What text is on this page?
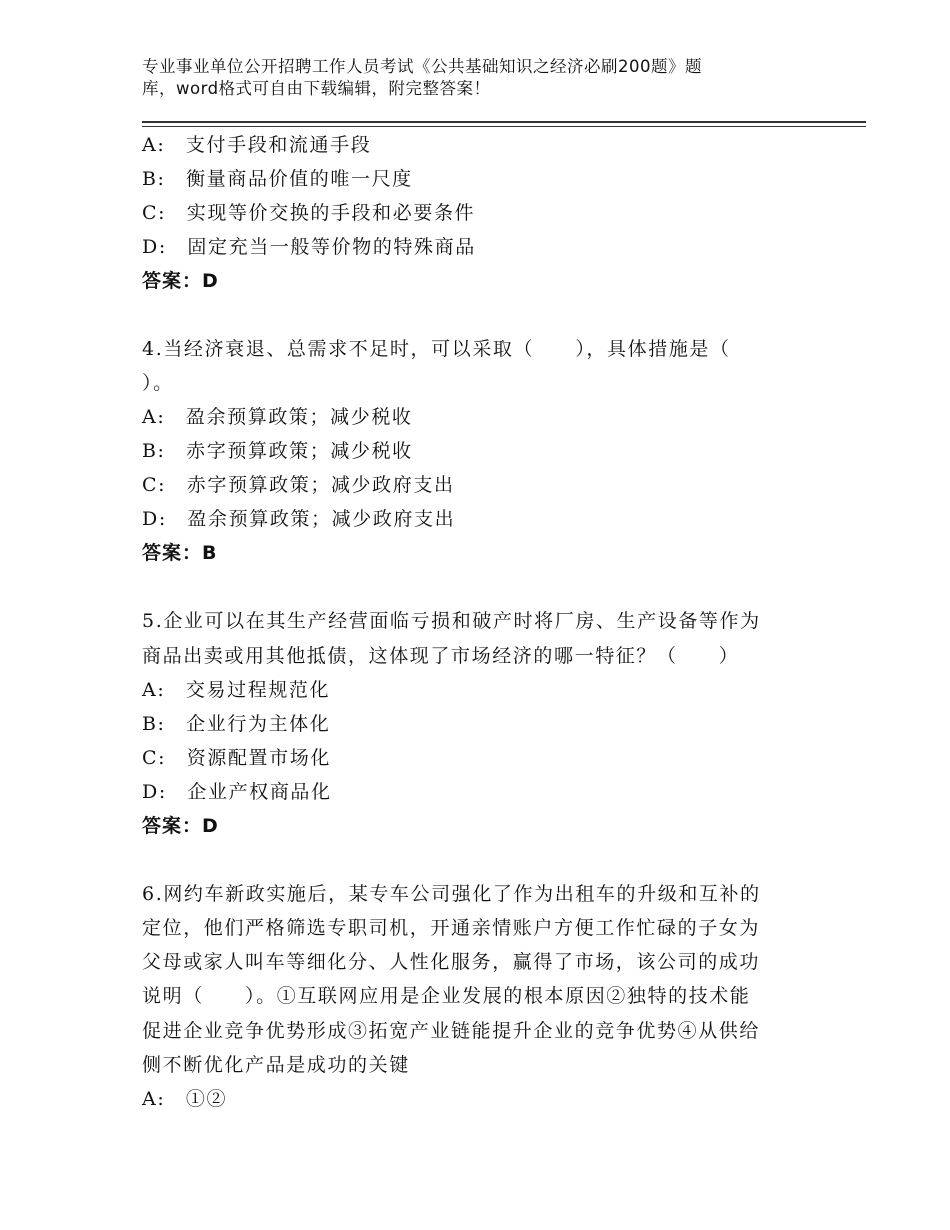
专业事业单位公开招聘工作人员考试《公共基础知识之经济必刷200题》题
库，word格式可自由下载编辑，附完整答案！
A:　支付手段和流通手段
B:　衡量商品价值的唯一尺度
C:　实现等价交换的手段和必要条件
D:　固定充当一般等价物的特殊商品
答案：D
4.当经济衰退、总需求不足时，可以采取（　　），具体措施是（
）。
A:　盈余预算政策；减少税收
B:　赤字预算政策；减少税收
C:　赤字预算政策；减少政府支出
D:　盈余预算政策；减少政府支出
答案：B
5.企业可以在其生产经营面临亏损和破产时将厂房、生产设备等作为
商品出卖或用其他抵债，这体现了市场经济的哪一特征？（　　）
A:　交易过程规范化
B:　企业行为主体化
C:　资源配置市场化
D:　企业产权商品化
答案：D
6.网约车新政实施后，某专车公司强化了作为出租车的升级和互补的
定位，他们严格筛选专职司机，开通亲情账户方便工作忙碌的子女为
父母或家人叫车等细化分、人性化服务，赢得了市场，该公司的成功
说明（　　）。①互联网应用是企业发展的根本原因②独特的技术能
促进企业竞争优势形成③拓宽产业链能提升企业的竞争优势④从供给
侧不断优化产品是成功的关键
A:　①②
